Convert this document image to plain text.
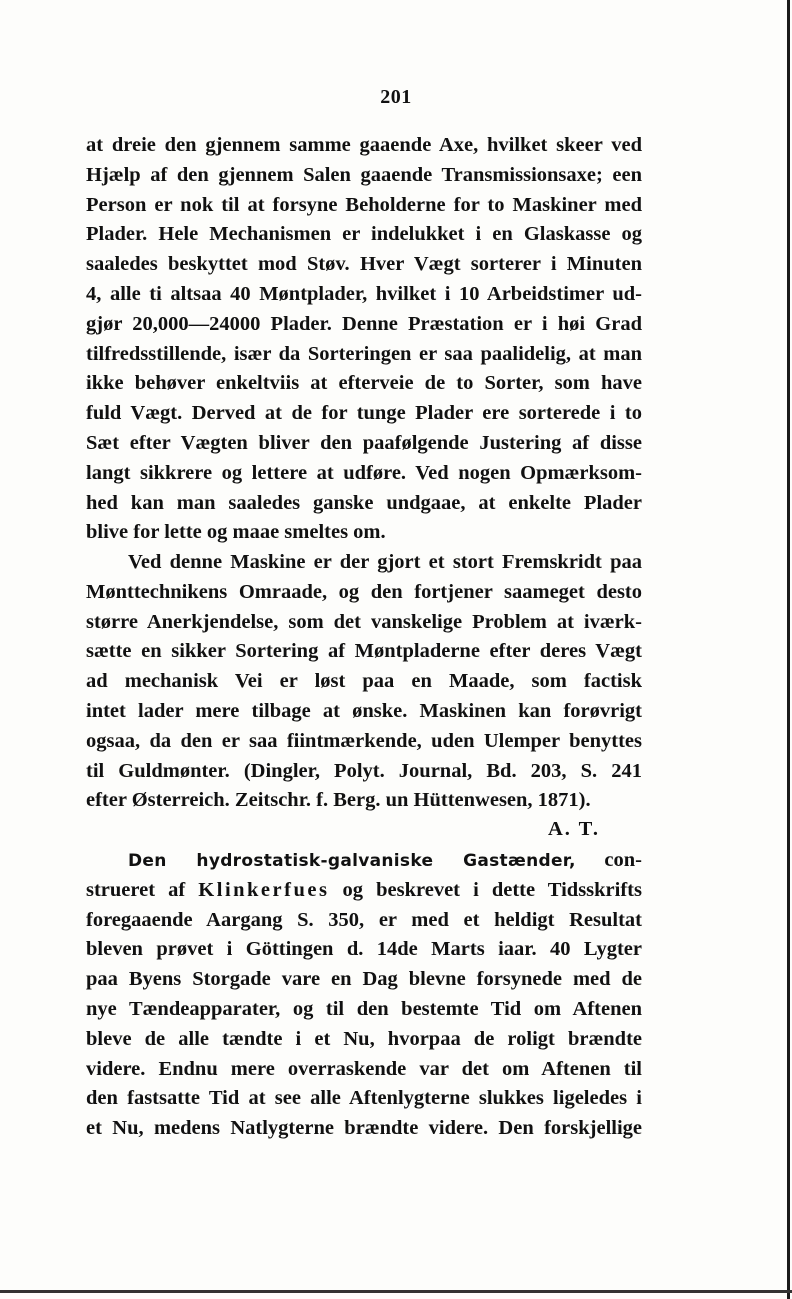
201
at dreie den gjennem samme gaaende Axe, hvilket skeer ved
Hjælp af den gjennem Salen gaaende Transmissionsaxe; een
Person er nok til at forsyne Beholderne for to Maskiner med
Plader. Hele Mechanismen er indelukket i en Glaskasse og
saaledes beskyttet mod Støv. Hver Vægt sorterer i Minuten
4, alle ti altsaa 40 Møntplader, hvilket i 10 Arbeidstimer ud-
gjør 20,000—24000 Plader. Denne Præstation er i høi Grad
tilfredsstillende, især da Sorteringen er saa paalidelig, at man
ikke behøver enkeltviis at efterveie de to Sorter, som have
fuld Vægt. Derved at de for tunge Plader ere sorterede i to
Sæt efter Vægten bliver den paafølgende Justering af disse
langt sikkrere og lettere at udføre. Ved nogen Opmærksom-
hed kan man saaledes ganske undgaae, at enkelte Plader
blive for lette og maae smeltes om.
Ved denne Maskine er der gjort et stort Fremskridt paa
Mønttechnikens Omraade, og den fortjener saameget desto
større Anerkjendelse, som det vanskelige Problem at iværk-
sætte en sikker Sortering af Møntpladerne efter deres Vægt
ad mechanisk Vei er løst paa en Maade, som factisk
intet lader mere tilbage at ønske. Maskinen kan forøvrigt
ogsaa, da den er saa fiintmærkende, uden Ulemper benyttes
til Guldmønter. (Dingler, Polyt. Journal, Bd. 203, S. 241
efter Østerreich. Zeitschr. f. Berg. un Hüttenwesen, 1871).
A. T.
Den hydrostatisk-galvaniske Gastænder, con-
strueret af Klinkerfues og beskrevet i dette Tidsskrifts
foregaaende Aargang S. 350, er med et heldigt Resultat
bleven prøvet i Göttingen d. 14de Marts iaar. 40 Lygter
paa Byens Storgade vare en Dag blevne forsynede med de
nye Tændeapparater, og til den bestemte Tid om Aftenen
bleve de alle tændte i et Nu, hvorpaa de roligt brændte
videre. Endnu mere overraskende var det om Aftenen til
den fastsatte Tid at see alle Aftenlygterne slukkes ligeledes i
et Nu, medens Natlygterne brændte videre. Den forskjellige
